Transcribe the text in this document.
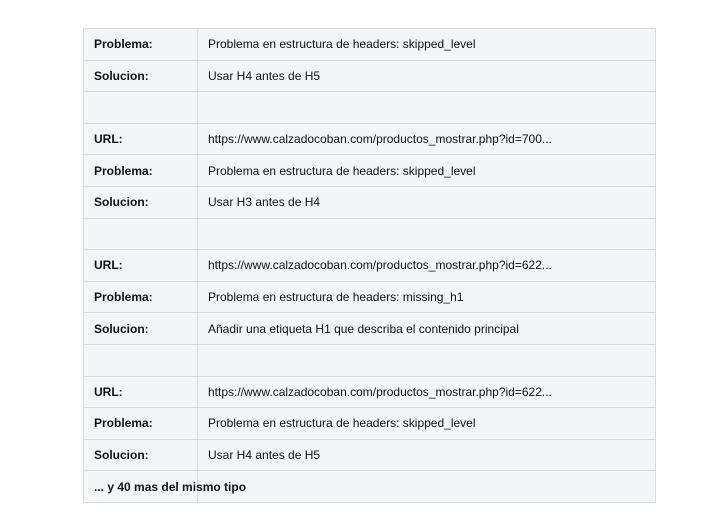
Problema:	Problema en estructura de headers: skipped_level
Solucion:	Usar H4 antes de H5

URL:	https://www.calzadocoban.com/productos_mostrar.php?id=700...
Problema:	Problema en estructura de headers: skipped_level
Solucion:	Usar H3 antes de H4

URL:	https://www.calzadocoban.com/productos_mostrar.php?id=622...
Problema:	Problema en estructura de headers: missing_h1
Solucion:	Añadir una etiqueta H1 que describa el contenido principal

URL:	https://www.calzadocoban.com/productos_mostrar.php?id=622...
Problema:	Problema en estructura de headers: skipped_level
Solucion:	Usar H4 antes de H5
... y 40 mas del mismo tipo	
